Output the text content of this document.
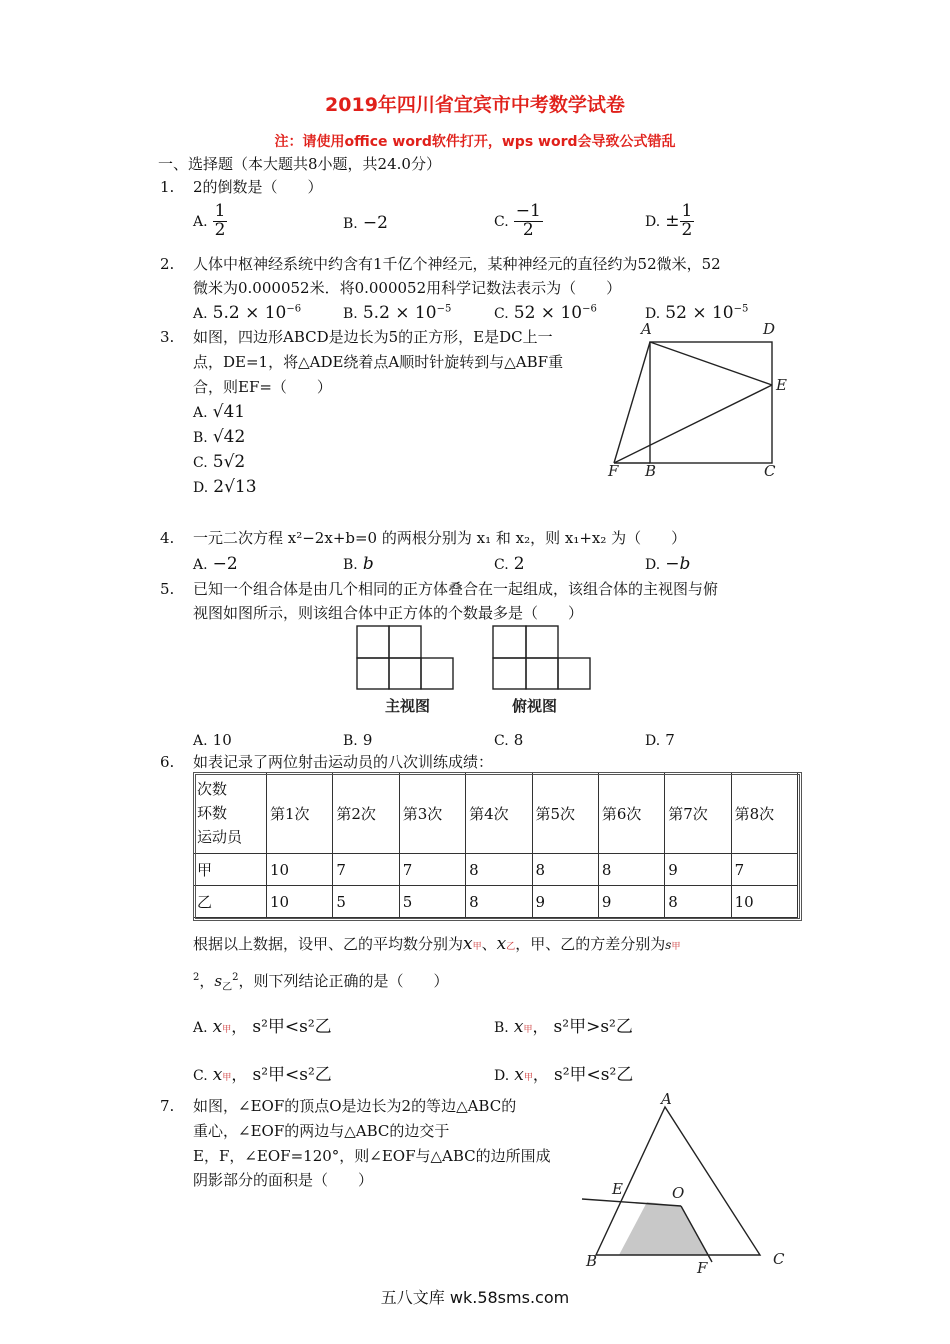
2019年四川省宜宾市中考数学试卷
注：请使用office word软件打开，wps word会导致公式错乱
一、选择题（本大题共8小题，共24.0分）
1. 2的倒数是（　　）
A. $\frac{1}{2}$	B. −2	C. $\frac{-1}{2}$	D. ± $\frac{1}{2}$
2. 人体中枢神经系统中约含有1千亿个神经元，某种神经元的直径约为52微米，52
微米为0.000052米．将0.000052用科学记数法表示为（　　）
A. $5.2 \times 10^{-6}$	B. $5.2 \times 10^{-5}$	C. $52 \times 10^{-6}$	D. $52 \times 10^{-5}$
3. 如图，四边形ABCD是边长为5的正方形，E是DC上一
点，DE=1，将△ADE绕着点A顺时针旋转到与△ABF重
合，则EF=（　　）
A. √41
B. √42
C. 5√2
D. 2√13
A	D
E
F B	C
4. 一元二次方程 x²−2x+b=0 的两根分别为 x₁ 和 x₂，则 x₁+x₂ 为（　　）
A. −2	B. b	C. 2	D. −b
5. 已知一个组合体是由几个相同的正方体叠合在一起组成，该组合体的主视图与俯
视图如图所示，则该组合体中正方体的个数最多是（　　）
主视图	俯视图
A. 10	B. 9	C. 8	D. 7
6. 如表记录了两位射击运动员的八次训练成绩：
次数
环数
运动员	第1次	第2次	第3次	第4次	第5次	第6次	第7次	第8次
甲	10	7	7	8	8	8	9	7
乙	10	5	5	8	9	9	8	10
根据以上数据，设甲、乙的平均数分别为x甲、x乙，甲、乙的方差分别为s甲
$^2$，$s_乙^2$，则下列结论正确的是（　　）
A. x甲， s²甲<s²乙	B. x甲， s²甲>s²乙
C. x甲， s²甲<s²乙	D. x甲， s²甲<s²乙
7. 如图，∠EOF的顶点O是边长为2的等边△ABC的
重心，∠EOF的两边与△ABC的边交于
E，F，∠EOF=120°，则∠EOF与△ABC的边所围成
阴影部分的面积是（　　）
A
E	O
B	F	C
五八文库 wk.58sms.com
